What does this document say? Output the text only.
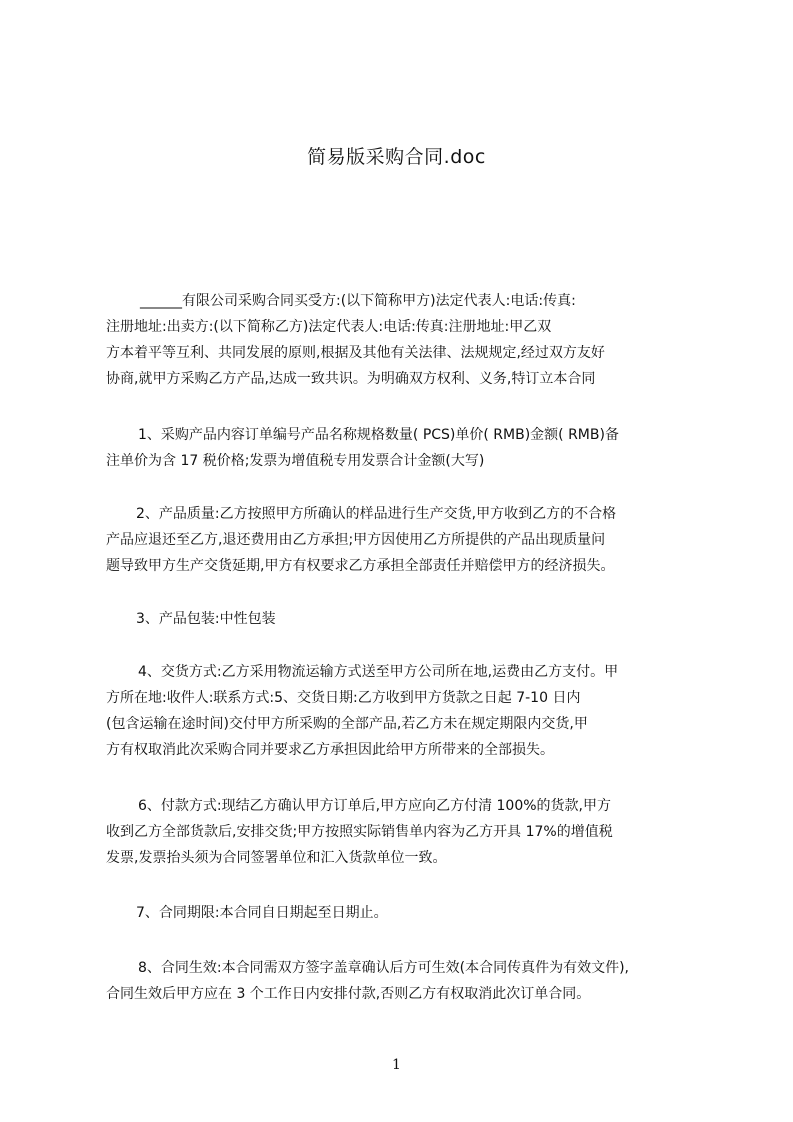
简易版采购合同.doc
______有限公司采购合同买受方:(以下简称甲方)法定代表人:电话:传真:
注册地址:出卖方:(以下简称乙方)法定代表人:电话:传真:注册地址:甲乙双
方本着平等互利、共同发展的原则,根据及其他有关法律、法规规定,经过双方友好
协商,就甲方采购乙方产品,达成一致共识。为明确双方权利、义务,特订立本合同
1、采购产品内容订单编号产品名称规格数量( PCS)单价( RMB)金额( RMB)备
注单价为含 17 税价格;发票为增值税专用发票合计金额(大写)
2、产品质量:乙方按照甲方所确认的样品进行生产交货,甲方收到乙方的不合格
产品应退还至乙方,退还费用由乙方承担;甲方因使用乙方所提供的产品出现质量问
题导致甲方生产交货延期,甲方有权要求乙方承担全部责任并赔偿甲方的经济损失。
3、产品包装:中性包装
4、交货方式:乙方采用物流运输方式送至甲方公司所在地,运费由乙方支付。甲
方所在地:收件人:联系方式:5、交货日期:乙方收到甲方货款之日起 7-10 日内
(包含运输在途时间)交付甲方所采购的全部产品,若乙方未在规定期限内交货,甲
方有权取消此次采购合同并要求乙方承担因此给甲方所带来的全部损失。
6、付款方式:现结乙方确认甲方订单后,甲方应向乙方付清 100%的货款,甲方
收到乙方全部货款后,安排交货;甲方按照实际销售单内容为乙方开具 17%的增值税
发票,发票抬头须为合同签署单位和汇入货款单位一致。
7、合同期限:本合同自日期起至日期止。
8、合同生效:本合同需双方签字盖章确认后方可生效(本合同传真件为有效文件),
合同生效后甲方应在 3 个工作日内安排付款,否则乙方有权取消此次订单合同。
1
